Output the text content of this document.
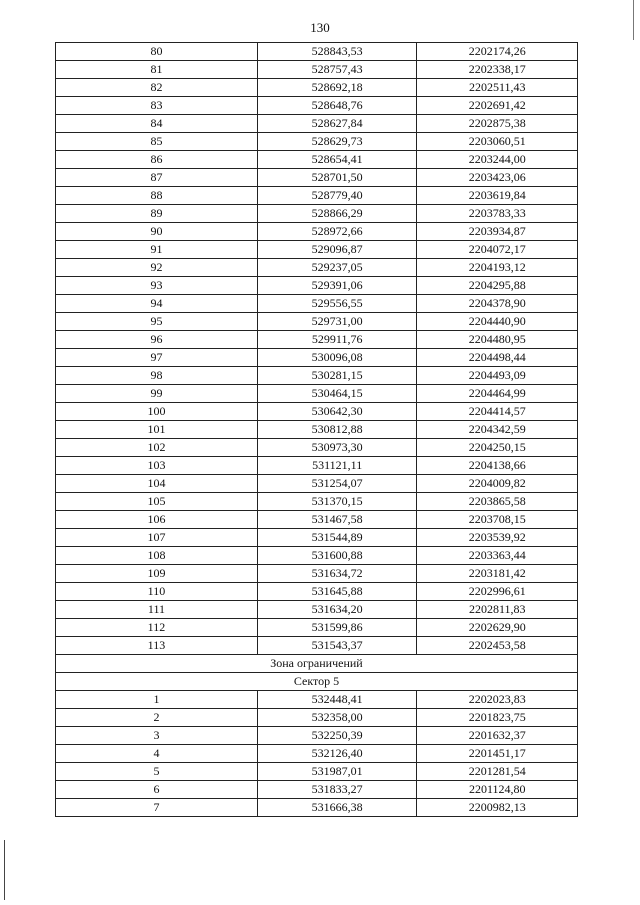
130
80	528843,53	2202174,26
81	528757,43	2202338,17
82	528692,18	2202511,43
83	528648,76	2202691,42
84	528627,84	2202875,38
85	528629,73	2203060,51
86	528654,41	2203244,00
87	528701,50	2203423,06
88	528779,40	2203619,84
89	528866,29	2203783,33
90	528972,66	2203934,87
91	529096,87	2204072,17
92	529237,05	2204193,12
93	529391,06	2204295,88
94	529556,55	2204378,90
95	529731,00	2204440,90
96	529911,76	2204480,95
97	530096,08	2204498,44
98	530281,15	2204493,09
99	530464,15	2204464,99
100	530642,30	2204414,57
101	530812,88	2204342,59
102	530973,30	2204250,15
103	531121,11	2204138,66
104	531254,07	2204009,82
105	531370,15	2203865,58
106	531467,58	2203708,15
107	531544,89	2203539,92
108	531600,88	2203363,44
109	531634,72	2203181,42
110	531645,88	2202996,61
111	531634,20	2202811,83
112	531599,86	2202629,90
113	531543,37	2202453,58
Зона ограничений		
Сектор 5		
1	532448,41	2202023,83
2	532358,00	2201823,75
3	532250,39	2201632,37
4	532126,40	2201451,17
5	531987,01	2201281,54
6	531833,27	2201124,80
7	531666,38	2200982,13
